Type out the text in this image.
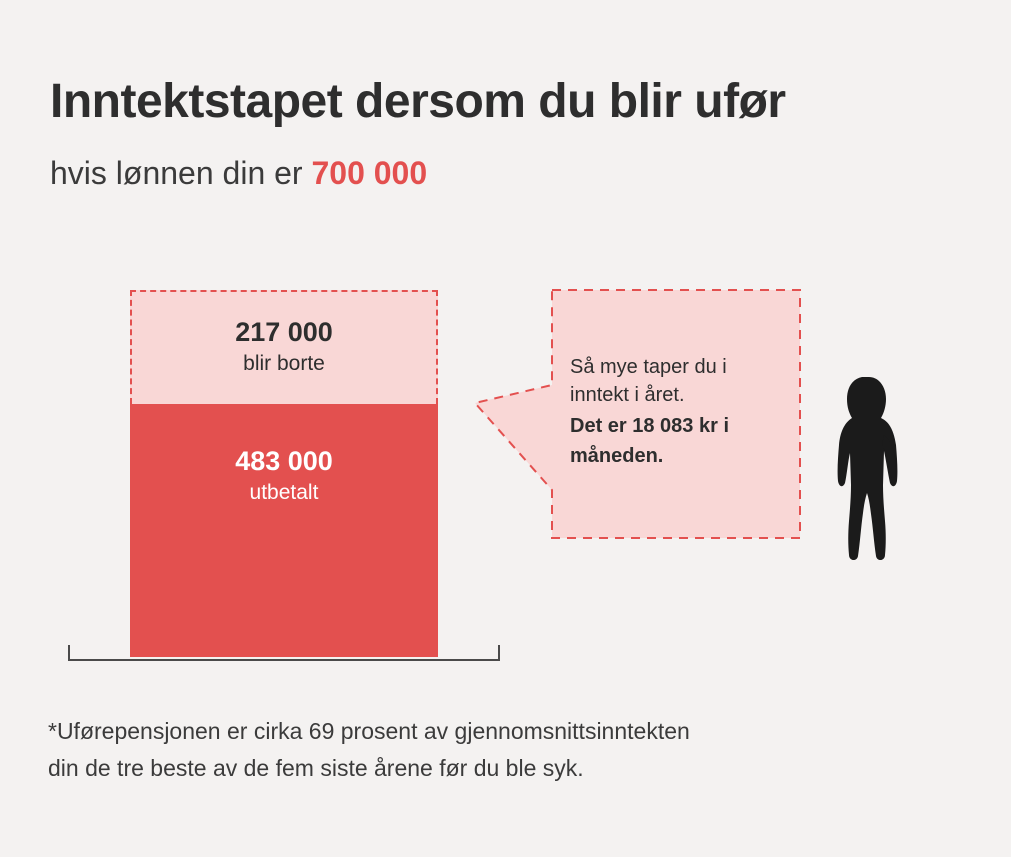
Inntektstapet dersom du blir ufør
hvis lønnen din er 700 000
217 000
blir borte
483 000
utbetalt
Så mye taper du i
inntekt i året.
Det er 18 083 kr i
måneden.
*Uførepensjonen er cirka 69 prosent av gjennomsnittsinntekten
din de tre beste av de fem siste årene før du ble syk.
